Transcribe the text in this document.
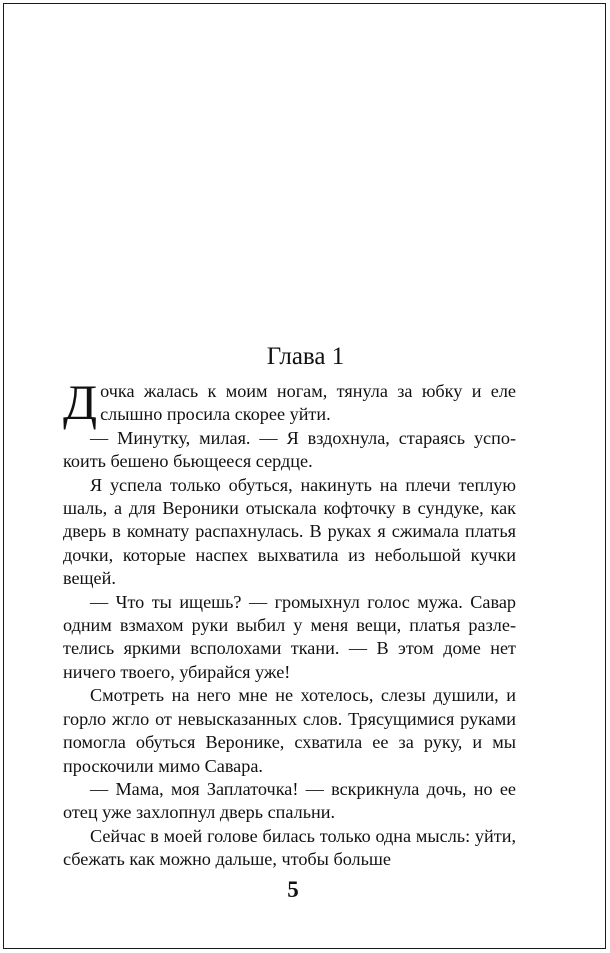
Глава 1

Дочка жалась к моим ногам, тянула за юбку и еле слышно просила скорее уйти.

— Минутку, милая. — Я вздохнула, стараясь успокоить бешено бьющееся сердце.

Я успела только обуться, накинуть на плечи теплую шаль, а для Вероники отыскала кофточку в сундуке, как дверь в комнату распахнулась. В руках я сжимала платья дочки, которые наспех выхватила из небольшой кучки вещей.

— Что ты ищешь? — громыхнул голос мужа. Савар одним взмахом руки выбил у меня вещи, платья разлетелись яркими всполохами ткани. — В этом доме нет ничего твоего, убирайся уже!

Смотреть на него мне не хотелось, слезы душили, и горло жгло от невысказанных слов. Трясущимися руками помогла обуться Веронике, схватила ее за руку, и мы проскочили мимо Савара.

— Мама, моя Заплаточка! — вскрикнула дочь, но ее отец уже захлопнул дверь спальни.

Сейчас в моей голове билась только одна мысль: уйти, сбежать как можно дальше, чтобы больше

5
